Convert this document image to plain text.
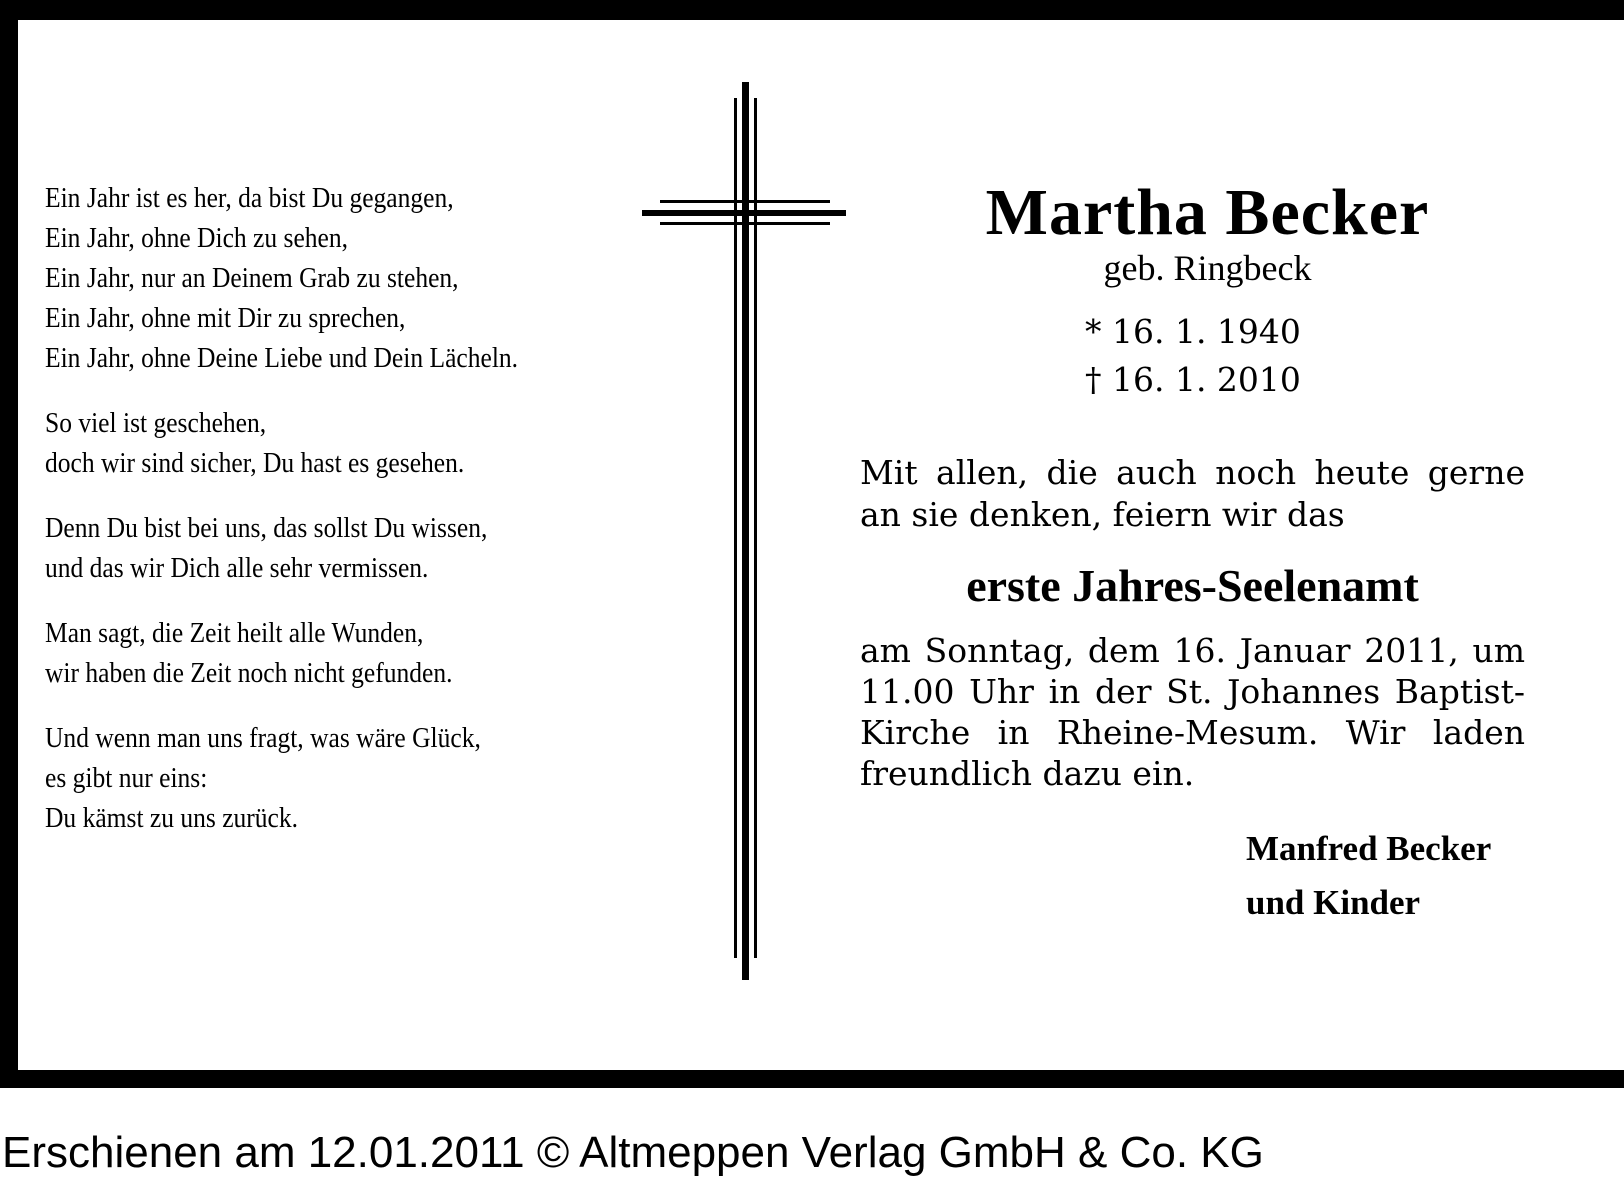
Ein Jahr ist es her, da bist Du gegangen,
Ein Jahr, ohne Dich zu sehen,
Ein Jahr, nur an Deinem Grab zu stehen,
Ein Jahr, ohne mit Dir zu sprechen,
Ein Jahr, ohne Deine Liebe und Dein Lächeln.
So viel ist geschehen,
doch wir sind sicher, Du hast es gesehen.
Denn Du bist bei uns, das sollst Du wissen,
und das wir Dich alle sehr vermissen.
Man sagt, die Zeit heilt alle Wunden,
wir haben die Zeit noch nicht gefunden.
Und wenn man uns fragt, was wäre Glück,
es gibt nur eins:
Du kämst zu uns zurück.
Martha Becker
geb. Ringbeck
* 16. 1. 1940
† 16. 1. 2010
Mit allen, die auch noch heute gerne an sie denken, feiern wir das
erste Jahres-Seelenamt
am Sonntag, dem 16. Januar 2011, um 11.00 Uhr in der St. Johannes Baptist-Kirche in Rheine-Mesum. Wir laden freundlich dazu ein.
Manfred Becker
und Kinder
Erschienen am 12.01.2011 © Altmeppen Verlag GmbH & Co. KG
